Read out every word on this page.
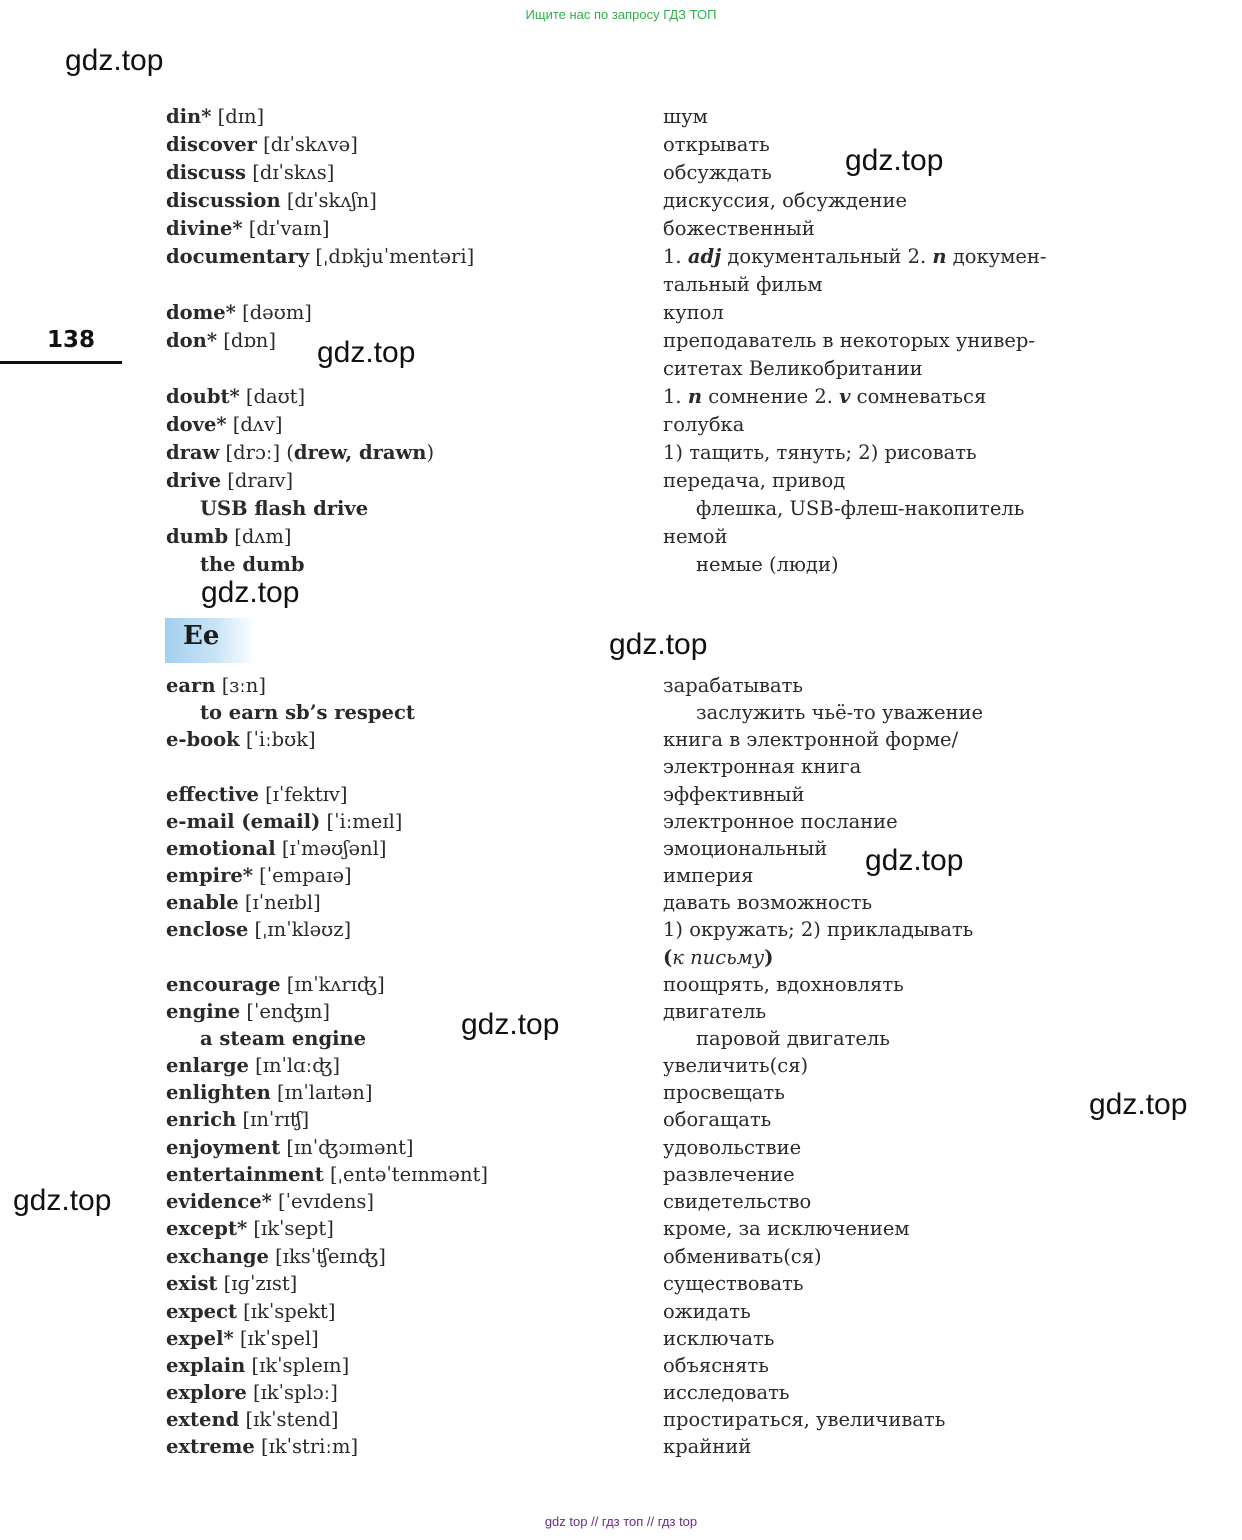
Ищите нас по запросу ГДЗ ТОП
gdz.top
gdz.top
gdz.top
gdz.top
gdz.top
gdz.top
gdz.top
gdz.top
gdz.top
138
din* [dɪn]	шум
discover [dɪˈskʌvə]	открывать
discuss [dɪˈskʌs]	обсуждать
discussion [dɪˈskʌʃn]	дискуссия, обсуждение
divine* [dɪˈvaɪn]	божественный
documentary [ˌdɒkjuˈmentəri]	1. adj документальный 2. n докумен-
тальный фильм
dome* [dəʊm]	купол
don* [dɒn]	преподаватель в некоторых универ-
ситетах Великобритании
doubt* [daʊt]	1. n сомнение 2. v сомневаться
dove* [dʌv]	голубка
draw [drɔː] (drew, drawn)	1) тащить, тянуть; 2) рисовать
drive [draɪv]	передача, привод
USB flash drive	флешка, USB-флеш-накопитель
dumb [dʌm]	немой
the dumb	немые (люди)
Ee
earn [ɜːn]	зарабатывать
to earn sb’s respect	заслужить чьё-то уважение
e-book [ˈiːbʊk]	книга в электронной форме/
электронная книга
effective [ɪˈfektɪv]	эффективный
e-mail (email) [ˈiːmeɪl]	электронное послание
emotional [ɪˈməʊʃənl]	эмоциональный
empire* [ˈempaɪə]	империя
enable [ɪˈneɪbl]	давать возможность
enclose [ˌɪnˈkləʊz]	1) окружать; 2) прикладывать
(к письму)
encourage [ɪnˈkʌrɪʤ]	поощрять, вдохновлять
engine [ˈenʤɪn]	двигатель
a steam engine	паровой двигатель
enlarge [ɪnˈlɑːʤ]	увеличить(ся)
enlighten [ɪnˈlaɪtən]	просвещать
enrich [ɪnˈrɪʧ]	обогащать
enjoyment [ɪnˈʤɔɪmənt]	удовольствие
entertainment [ˌentəˈteɪnmənt]	развлечение
evidence* [ˈevɪdens]	свидетельство
except* [ɪkˈsept]	кроме, за исключением
exchange [ɪksˈʧeɪnʤ]	обменивать(ся)
exist [ɪɡˈzɪst]	существовать
expect [ɪkˈspekt]	ожидать
expel* [ɪkˈspel]	исключать
explain [ɪkˈspleɪn]	объяснять
explore [ɪkˈsplɔː]	исследовать
extend [ɪkˈstend]	простираться, увеличивать
extreme [ɪkˈstriːm]	крайний
gdz top // гдз топ // гдз top
